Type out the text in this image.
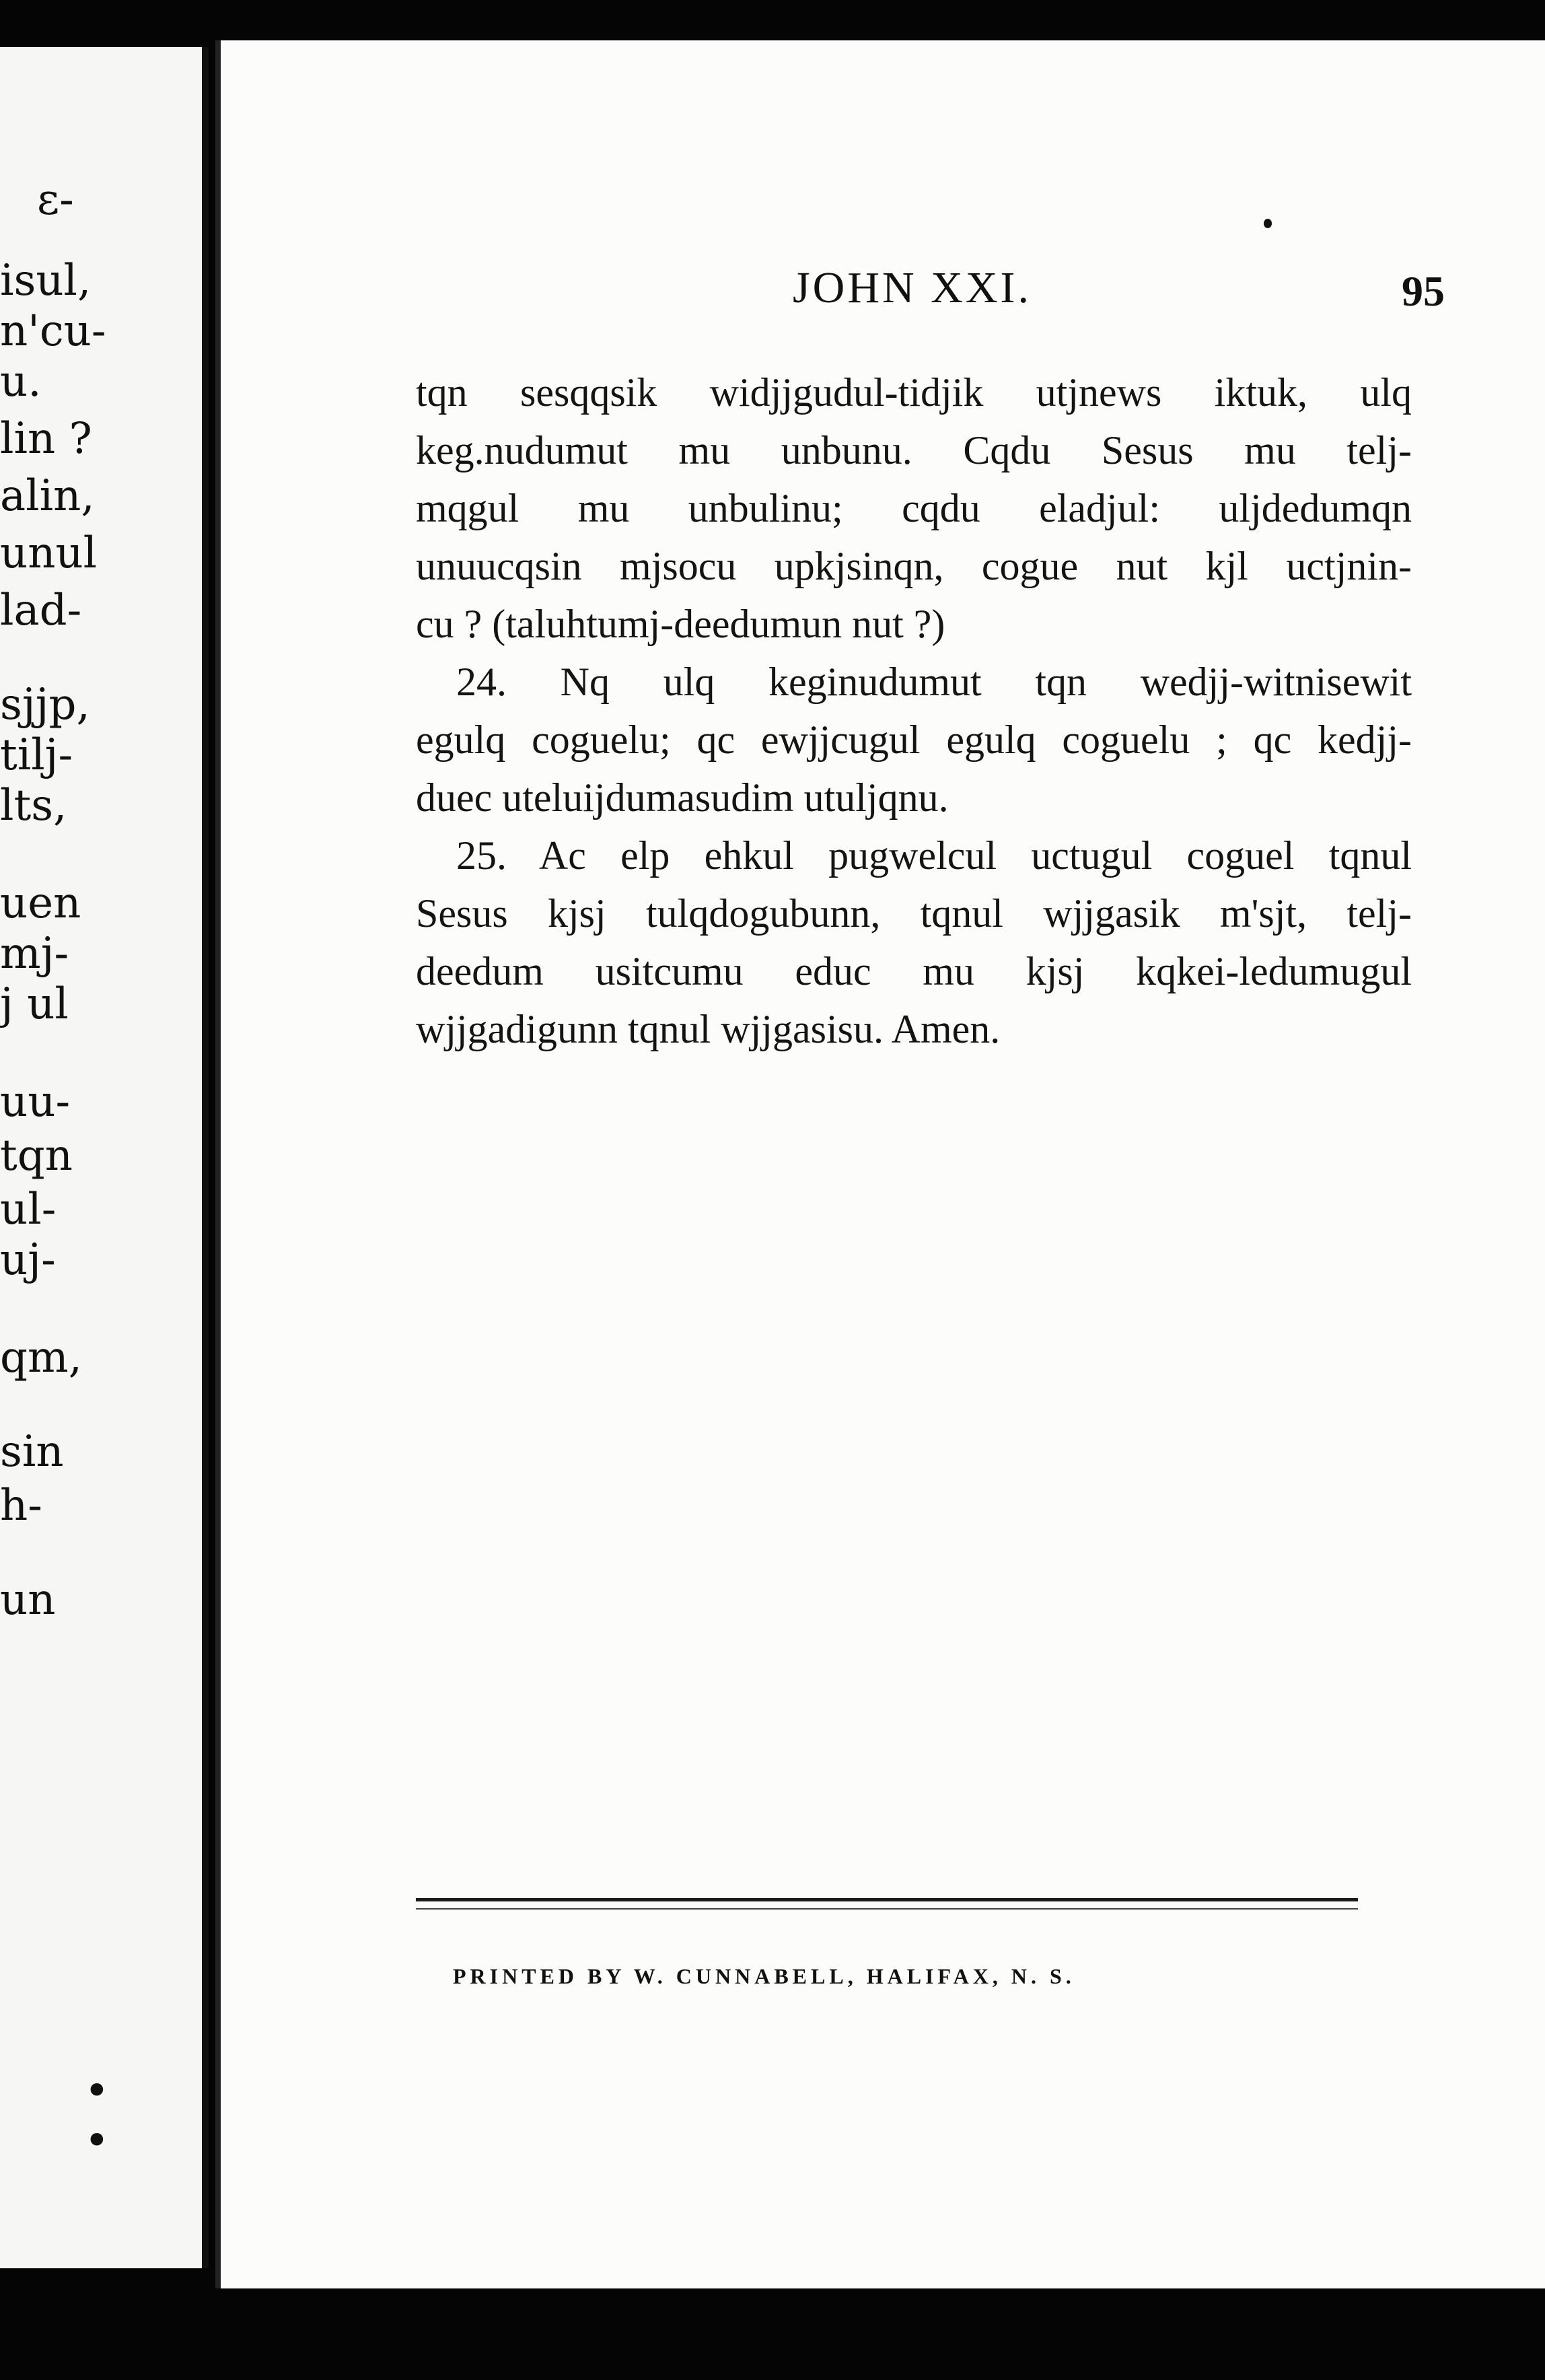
ɛ-
isul,
n'cu-
u.
lin ?
alin,
unul
lad-
sjjp,
tilj-
lts,
uen
mj-
j ul
uu-
tqn
ul-
uj-
qm,
sin
h-
un
• •
JOHN XXI.	95
tqn sesqqsik widjjgudul-tidjik utjnews iktuk, ulq
keg.nudumut mu unbunu. Cqdu Sesus mu telj-
mqgul mu unbulinu; cqdu eladjul: uljdedumqn
unuucqsin mjsocu upkjsinqn, cogue nut kjl uctjnin-
cu ? (taluhtumj-deedumun nut ?)
24. Nq ulq keginudumut tqn wedjj-witnisewit
egulq coguelu; qc ewjjcugul egulq coguelu ; qc kedjj-
duec uteluijdumasudim utuljqnu.
25. Ac elp ehkul pugwelcul uctugul coguel tqnul
Sesus kjsj tulqdogubunn, tqnul wjjgasik m'sjt, telj-
deedum usitcumu educ mu kjsj kqkei-ledumugul
wjjgadigunn tqnul wjjgasisu. Amen.
PRINTED BY W. CUNNABELL, HALIFAX, N. S.
